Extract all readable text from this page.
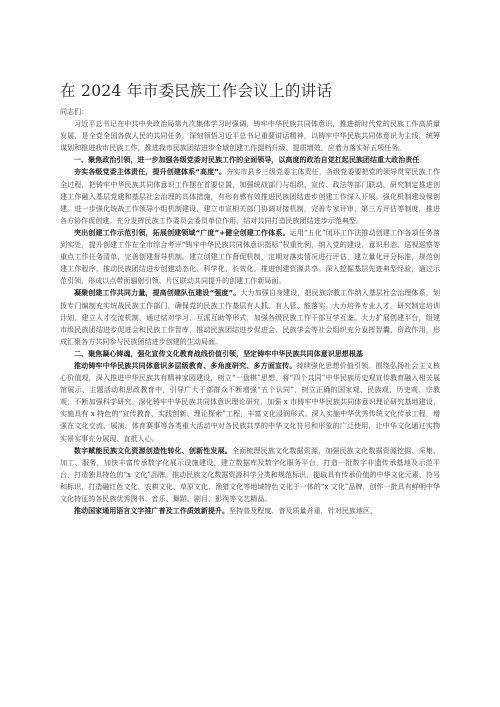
在 2024 年市委民族工作会议上的讲话

同志们：

习近平总书记在中共中央政治局第九次集体学习时强调，铸牢中华民族共同体意识，推进新时代党的民族工作高质量发展，是全党全国各族人民的共同任务。深刻领悟习近平总书记重要讲话精神，以铸牢中华民族共同体意识为主线，统筹谋划和推进我市民族工作，推进我市民族团结进步全域创建工作提档升级、提质增效，应着力落实好五项任务。

一、聚焦政治引领，进一步加强各级党委对民族工作的全面领导，以高度的政治自觉扛起民族团结重大政治责任

夯实各级党委主体责任，提升创建体系“高度”。夯实市县乡三级党委主体责任，各级党委要把党的领导贯穿民族工作全过程，把铸牢中华民族共同体意识工作摆在首要位置，加强统战部门与组织、宣传、政法等部门联动，研究制定推进创建工作融入基层党建和基层社会治理的具体措施，有形有感有效推进民族团结进步创建工作深入开展。强化机制建设保创建。进一步强化统战工作领导小组机制建设，建立市宣相关部门协调对接机制，完善专家评审、第三方评估等制度，推进各方协作促创建。充分发挥民族工作委员会委员单位作用，结对共同打造民族团结进步示范典型。

突出创建工作示范引领，拓展创建领域“广度”+健全创建工作体系。运用“五化”闭环工作法推动创建工作各项任务落到实处，提升创建工作在全市综合考评“铸牢中华民族共同体意识指标”权重比例，纳入党的建设、意识形态、巡视巡察等重点工作任务清单，完善创建督导机制。建立创建工作督促机制，定期对落实情况进行评估，建立量化评分标准，规范创建工作程序，推动民族团结进步创建动态化、科学化、长效化。推进创建资源共享。深入挖掘基层先进典型经验，通过示范引领，形成以点带面辐射引领、片区联动共同提升的创建工作新局面。

凝聚创建工作共同力量，提高创建队伍建设“强度”。大力加强自身建设，把民族宗教工作纳入基层社会治理体系，划拨专门编制充实统战民族工作部门，确保党的民族工作基层有人抓、有人管、能落实。大力培养专业人才，研究制定培训计划，建立人才交流机制，通过结对学习、互派互助等形式，加强各级民族工作干部互学互鉴。大力扩展创建平台，组建市级民族团结进步促进会和民族工作智库，推动民族团结进步促进会、民族学会等社会组织充分发挥智囊、资政作用，形成汇聚各方共同参与民族团结进步创建的生动局面。

二、聚焦凝心铸魂，强化宣传文化教育战线价值引领，坚定铸牢中华民族共同体意识思想根基

推动铸牢中华民族共同体意识多层级教育、多角度研究、多方面宣传。持续强化思想价值引领。围绕弘扬社会主义核心价值观，深入推进中华民族共有精神家园建设，树立“一盘棋”思想，将“四个共同”中华民族历史观宣传教育融入相关展馆展示、主题活动和思政教育中，引导广大干部群众不断增强“五个认同”，树立正确的国家观、民族观、历史观、宗教观，不断加强科学研究。深化铸牢中华民族共同体意识理论研究，加强 x 市铸牢中华民族共同体意识理论研究基地建设，实施具有 x 特色的“宣传教育、实践创新、理论探索”工程，丰富文化浸润形式。深入实施中华优秀传统文化传承工程，增强在文化交流、展演、体育赛事等各类重大活动中对各民族共享的中华文化符号和形象的广泛使用，让中华文化通过实物实景实事充分展现、直抵人心。

数字赋能民族文化资源创造性转化、创新性发展。全面梳理民族文化数据资源，加强民族文化数据资源挖掘、采集、加工、服务，加快丰富传承数字化展示设施建设，建立数据库及数字化服务平台，打造一批数字非遗传承基地及示范平台，打造独具特色的“x 文化”品牌。推动民族文化数据资源科学分类和规范标识，提取具有传承价值的中华文化元素、符号和标识，打造融红色文化、农耕文化、草原文化、渔猎文化等地域特色文化于一体的“x 文化”品牌，创作一批具有鲜明中华文化特征的各民族优秀图书、音乐、舞蹈、剧目、影视等文艺精品。

推动国家通用语言文字推广普及工作质效新提升。坚持普及程度、普及质量并重，针对民族地区、
